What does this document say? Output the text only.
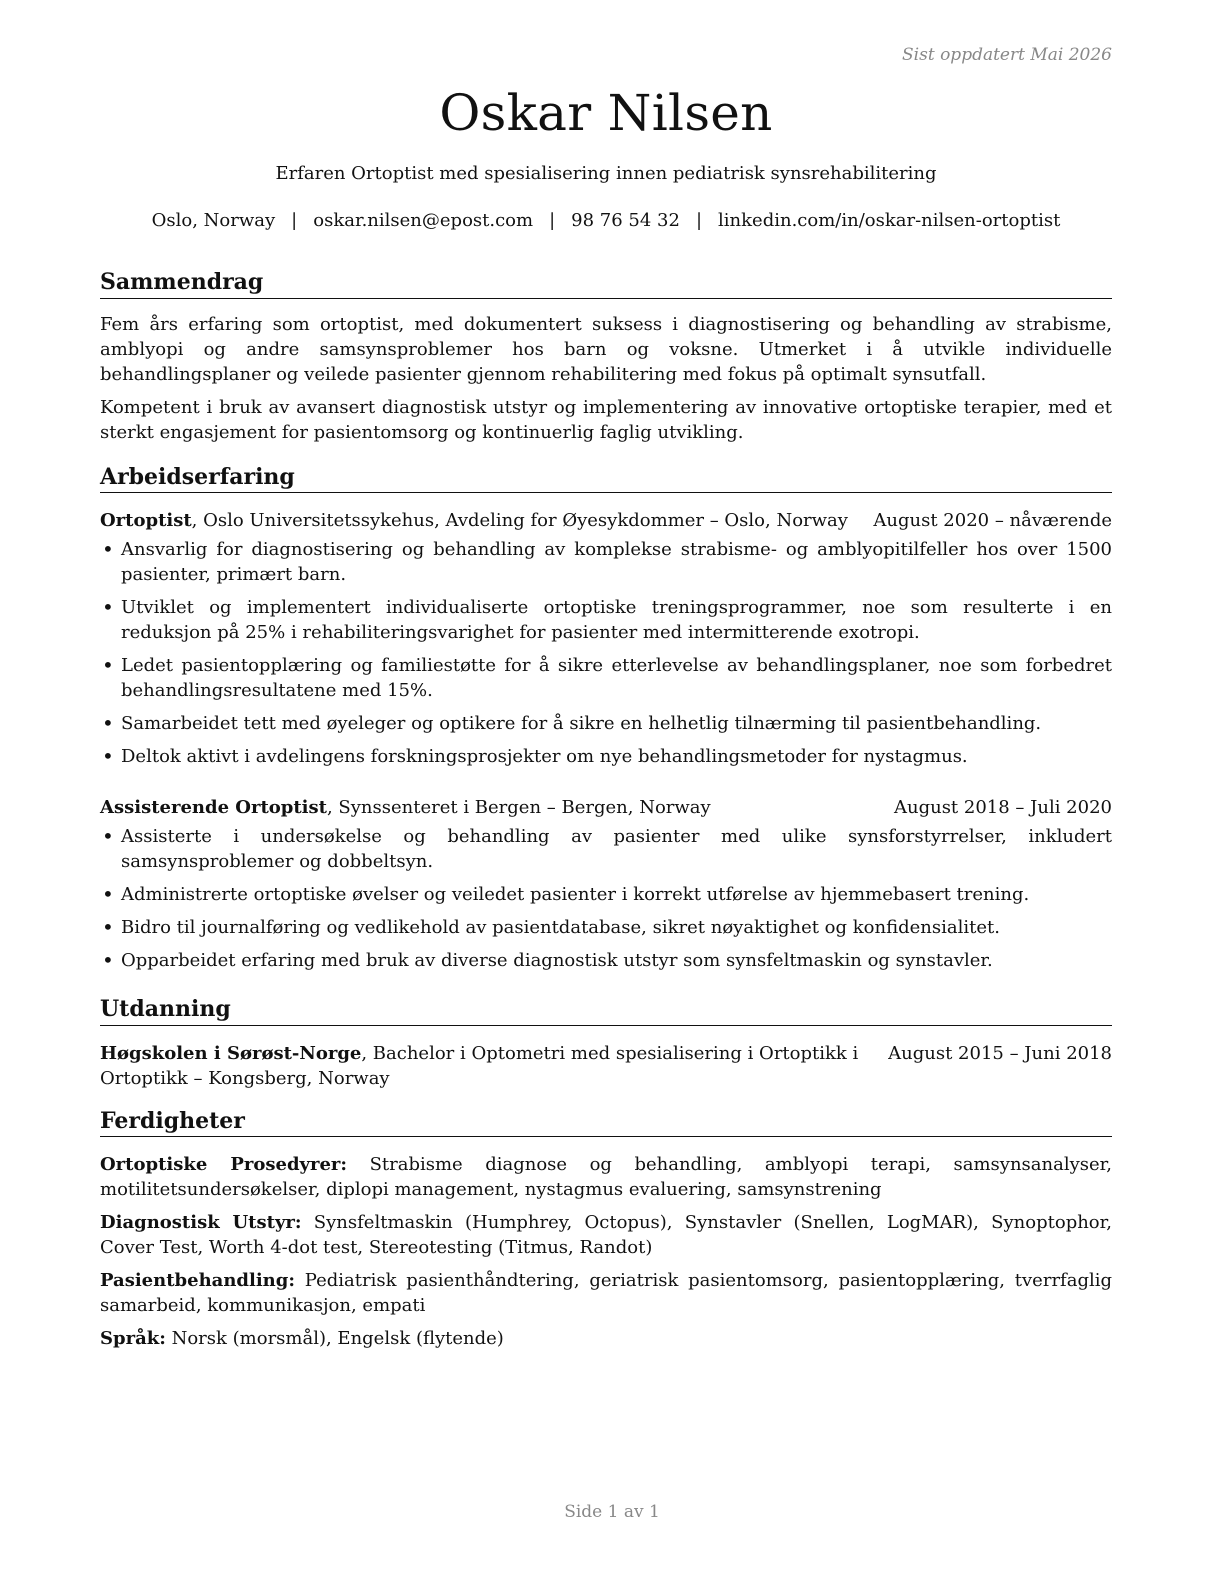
Sist oppdatert Mai 2026
Oskar Nilsen
Erfaren Ortoptist med spesialisering innen pediatrisk synsrehabilitering
Oslo, Norway | oskar.nilsen@epost.com | 98 76 54 32 | linkedin.com/in/oskar-nilsen-ortoptist
Sammendrag

Fem års erfaring som ortoptist, med dokumentert suksess i diagnostisering og behandling av strabisme, amblyopi og andre samsynsproblemer hos barn og voksne. Utmerket i å utvikle individuelle behandlingsplaner og veilede pasienter gjennom rehabilitering med fokus på optimalt synsutfall.

Kompetent i bruk av avansert diagnostisk utstyr og implementering av innovative ortoptiske terapier, med et sterkt engasjement for pasientomsorg og kontinuerlig faglig utvikling.

Arbeidserfaring
Ortoptist, Oslo Universitetssykehus, Avdeling for Øyesykdommer – Oslo, Norway August 2020 – nåværende
• Ansvarlig for diagnostisering og behandling av komplekse strabisme- og amblyopitilfeller hos over 1500 pasienter, primært barn.
• Utviklet og implementert individualiserte ortoptiske treningsprogrammer, noe som resulterte i en reduksjon på 25% i rehabiliteringsvarighet for pasienter med intermitterende exotropi.
• Ledet pasientopplæring og familiestøtte for å sikre etterlevelse av behandlingsplaner, noe som forbedret behandlingsresultatene med 15%.
• Samarbeidet tett med øyeleger og optikere for å sikre en helhetlig tilnærming til pasientbehandling.
• Deltok aktivt i avdelingens forskningsprosjekter om nye behandlingsmetoder for nystagmus.
Assisterende Ortoptist, Synssenteret i Bergen – Bergen, Norway	August 2018 – Juli 2020
• Assisterte i undersøkelse og behandling av pasienter med ulike synsforstyrrelser, inkludert samsynsproblemer og dobbeltsyn.
• Administrerte ortoptiske øvelser og veiledet pasienter i korrekt utførelse av hjemmebasert trening.
• Bidro til journalføring og vedlikehold av pasientdatabase, sikret nøyaktighet og konfidensialitet.
• Opparbeidet erfaring med bruk av diverse diagnostisk utstyr som synsfeltmaskin og synstavler.
Utdanning
Høgskolen i Sørøst-Norge, Bachelor i Optometri med spesialisering i Ortoptikk i Ortoptikk – Kongsberg, Norway
August 2015 – Juni 2018
Ferdigheter

Ortoptiske Prosedyrer: Strabisme diagnose og behandling, amblyopi terapi, samsynsanalyser, motilitetsundersøkelser, diplopi management, nystagmus evaluering, samsynstrening

Diagnostisk Utstyr: Synsfeltmaskin (Humphrey, Octopus), Synstavler (Snellen, LogMAR), Synoptophor, Cover Test, Worth 4-dot test, Stereotesting (Titmus, Randot)

Pasientbehandling: Pediatrisk pasienthåndtering, geriatrisk pasientomsorg, pasientopplæring, tverrfaglig samarbeid, kommunikasjon, empati

Språk: Norsk (morsmål), Engelsk (flytende)

Side 1 av 1
